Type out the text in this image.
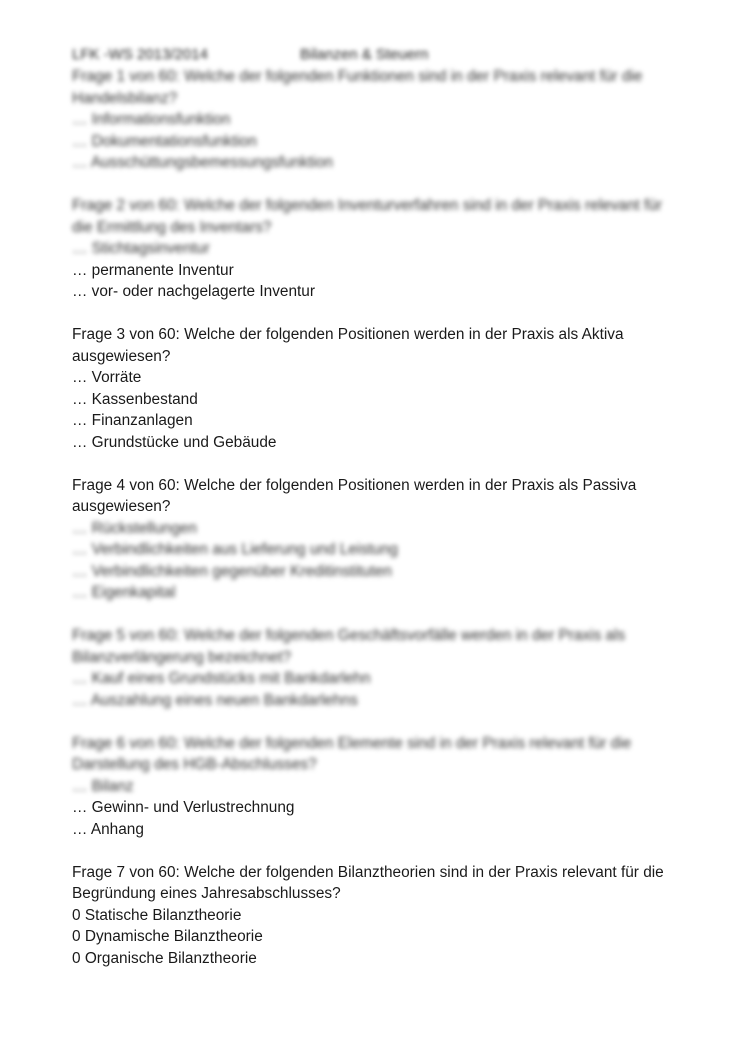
LFK -WS 2013/2014	Bilanzen & Steuern
Frage 1 von 60: Welche der folgenden Funktionen sind in der Praxis relevant für die Handelsbilanz?
… Informationsfunktion
… Dokumentationsfunktion
… Ausschüttungsbemessungsfunktion
Frage 2 von 60: Welche der folgenden Inventurverfahren sind in der Praxis relevant für die Ermittlung des Inventars?
… Stichtagsinventur
… permanente Inventur
… vor- oder nachgelagerte Inventur
Frage 3 von 60: Welche der folgenden Positionen werden in der Praxis als Aktiva ausgewiesen?
… Vorräte
… Kassenbestand
… Finanzanlagen
… Grundstücke und Gebäude
Frage 4 von 60: Welche der folgenden Positionen werden in der Praxis als Passiva ausgewiesen?
… Rückstellungen
… Verbindlichkeiten aus Lieferung und Leistung
… Verbindlichkeiten gegenüber Kreditinstituten
… Eigenkapital
Frage 5 von 60: Welche der folgenden Geschäftsvorfälle werden in der Praxis als Bilanzverlängerung bezeichnet?
… Kauf eines Grundstücks mit Bankdarlehn
… Auszahlung eines neuen Bankdarlehns
Frage 6 von 60: Welche der folgenden Elemente sind in der Praxis relevant für die Darstellung des HGB-Abschlusses?
… Bilanz
… Gewinn- und Verlustrechnung
… Anhang
Frage 7 von 60: Welche der folgenden Bilanztheorien sind in der Praxis relevant für die Begründung eines Jahresabschlusses?
0 Statische Bilanztheorie
0 Dynamische Bilanztheorie
0 Organische Bilanztheorie
